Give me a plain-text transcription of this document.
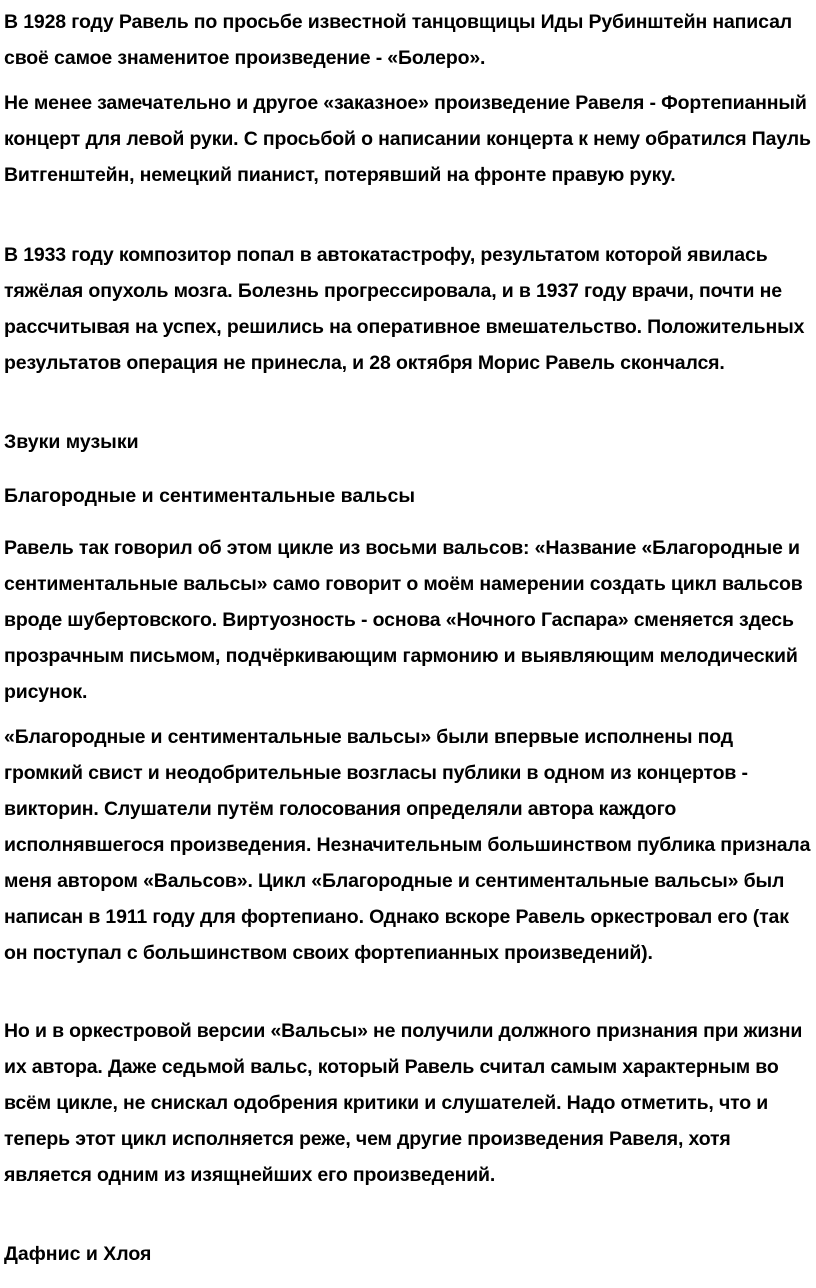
В 1928 году Равель по просьбе известной танцовщицы Иды Рубинштейн написал своё самое знаменитое произведение - «Болеро».

Не менее замечательно и другое «заказное» произведение Равеля - Фортепианный концерт для левой руки. С просьбой о написании концерта к нему обратился Пауль Витгенштейн, немецкий пианист, потерявший на фронте правую руку.

В 1933 году композитор попал в автокатастрофу, результатом которой явилась тяжёлая опухоль мозга. Болезнь прогрессировала, и в 1937 году врачи, почти не рассчитывая на успех, решились на оперативное вмешательство. Положительных результатов операция не принесла, и 28 октября Морис Равель скончался.

Звуки музыки

Благородные и сентиментальные вальсы

Равель так говорил об этом цикле из восьми вальсов: «Название «Благородные и сентиментальные вальсы» само говорит о моём намерении создать цикл вальсов вроде шубертовского. Виртуозность - основа «Ночного Гаспара» сменяется здесь прозрачным письмом, подчёркивающим гармонию и выявляющим мелодический рисунок.

«Благородные и сентиментальные вальсы» были впервые исполнены под громкий свист и неодобрительные возгласы публики в одном из концертов - викторин. Слушатели путём голосования определяли автора каждого исполнявшегося произведения. Незначительным большинством публика признала меня автором «Вальсов». Цикл «Благородные и сентиментальные вальсы» был написан в 1911 году для фортепиано. Однако вскоре Равель оркестровал его (так он поступал с большинством своих фортепианных произведений).

Но и в оркестровой версии «Вальсы» не получили должного признания при жизни их автора. Даже седьмой вальс, который Равель считал самым характерным во всём цикле, не снискал одобрения критики и слушателей. Надо отметить, что и теперь этот цикл исполняется реже, чем другие произведения Равеля, хотя является одним из изящнейших его произведений.

Дафнис и Хлоя
